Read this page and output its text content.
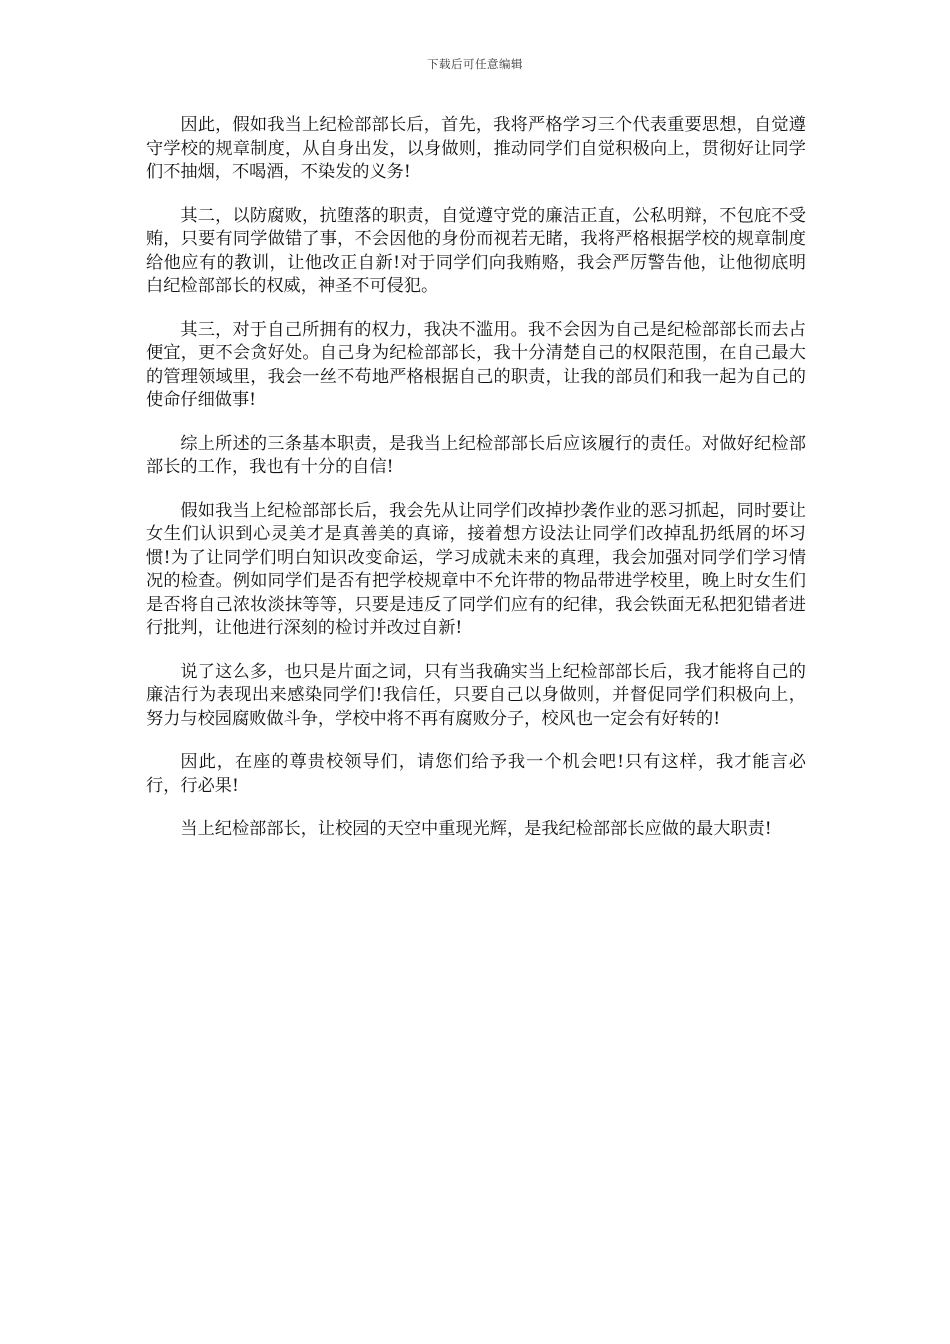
下载后可任意编辑

因此，假如我当上纪检部部长后，首先，我将严格学习三个代表重要思想，自觉遵守学校的规章制度，从自身出发，以身做则，推动同学们自觉积极向上，贯彻好让同学们不抽烟，不喝酒，不染发的义务!

其二，以防腐败，抗堕落的职责，自觉遵守党的廉洁正直，公私明辩，不包庇不受贿，只要有同学做错了事，不会因他的身份而视若无睹，我将严格根据学校的规章制度给他应有的教训，让他改正自新!对于同学们向我贿赂，我会严厉警告他，让他彻底明白纪检部部长的权威，神圣不可侵犯。

其三，对于自己所拥有的权力，我决不滥用。我不会因为自己是纪检部部长而去占便宜，更不会贪好处。自己身为纪检部部长，我十分清楚自己的权限范围，在自己最大的管理领域里，我会一丝不苟地严格根据自己的职责，让我的部员们和我一起为自己的使命仔细做事!

综上所述的三条基本职责，是我当上纪检部部长后应该履行的责任。对做好纪检部部长的工作，我也有十分的自信!

假如我当上纪检部部长后，我会先从让同学们改掉抄袭作业的恶习抓起，同时要让女生们认识到心灵美才是真善美的真谛，接着想方设法让同学们改掉乱扔纸屑的坏习惯!为了让同学们明白知识改变命运，学习成就未来的真理，我会加强对同学们学习情况的检查。例如同学们是否有把学校规章中不允许带的物品带进学校里，晚上时女生们是否将自己浓妆淡抹等等，只要是违反了同学们应有的纪律，我会铁面无私把犯错者进行批判，让他进行深刻的检讨并改过自新!

说了这么多，也只是片面之词，只有当我确实当上纪检部部长后，我才能将自己的廉洁行为表现出来感染同学们!我信任，只要自己以身做则，并督促同学们积极向上，努力与校园腐败做斗争，学校中将不再有腐败分子，校风也一定会有好转的!

因此，在座的尊贵校领导们，请您们给予我一个机会吧!只有这样，我才能言必行，行必果!

当上纪检部部长，让校园的天空中重现光辉，是我纪检部部长应做的最大职责!
